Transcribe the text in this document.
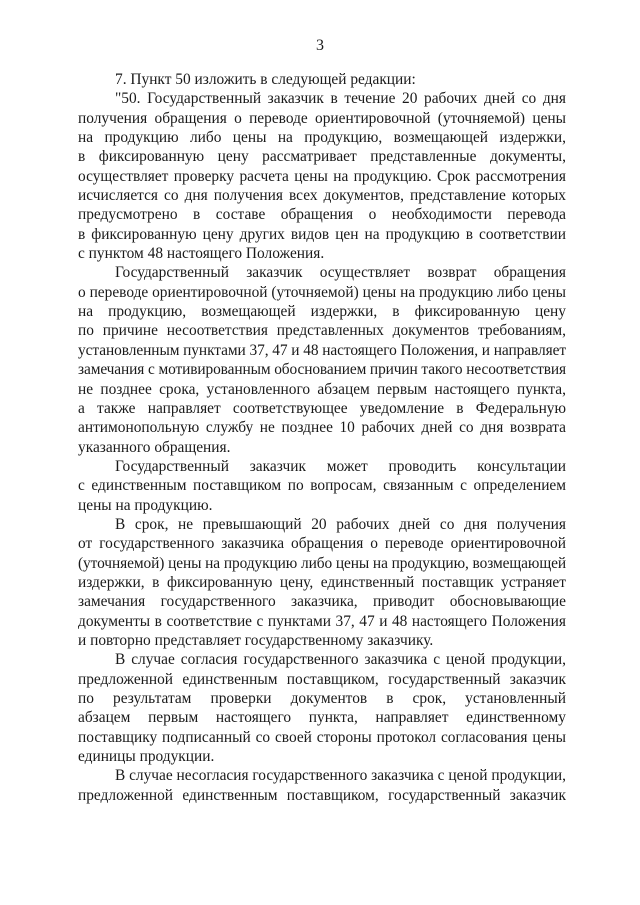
3
7. Пункт 50 изложить в следующей редакции:
"50. Государственный заказчик в течение 20 рабочих дней со дня
получения обращения о переводе ориентировочной (уточняемой) цены
на продукцию либо цены на продукцию, возмещающей издержки,
в фиксированную цену рассматривает представленные документы,
осуществляет проверку расчета цены на продукцию. Срок рассмотрения
исчисляется со дня получения всех документов, представление которых
предусмотрено в составе обращения о необходимости перевода
в фиксированную цену других видов цен на продукцию в соответствии
с пунктом 48 настоящего Положения.
Государственный заказчик осуществляет возврат обращения
о переводе ориентировочной (уточняемой) цены на продукцию либо цены
на продукцию, возмещающей издержки, в фиксированную цену
по причине несоответствия представленных документов требованиям,
установленным пунктами 37, 47 и 48 настоящего Положения, и направляет
замечания с мотивированным обоснованием причин такого несоответствия
не позднее срока, установленного абзацем первым настоящего пункта,
а также направляет соответствующее уведомление в Федеральную
антимонопольную службу не позднее 10 рабочих дней со дня возврата
указанного обращения.
Государственный заказчик может проводить консультации
с единственным поставщиком по вопросам, связанным с определением
цены на продукцию.
В срок, не превышающий 20 рабочих дней со дня получения
от государственного заказчика обращения о переводе ориентировочной
(уточняемой) цены на продукцию либо цены на продукцию, возмещающей
издержки, в фиксированную цену, единственный поставщик устраняет
замечания государственного заказчика, приводит обосновывающие
документы в соответствие с пунктами 37, 47 и 48 настоящего Положения
и повторно представляет государственному заказчику.
В случае согласия государственного заказчика с ценой продукции,
предложенной единственным поставщиком, государственный заказчик
по результатам проверки документов в срок, установленный
абзацем первым настоящего пункта, направляет единственному
поставщику подписанный со своей стороны протокол согласования цены
единицы продукции.
В случае несогласия государственного заказчика с ценой продукции,
предложенной единственным поставщиком, государственный заказчик
